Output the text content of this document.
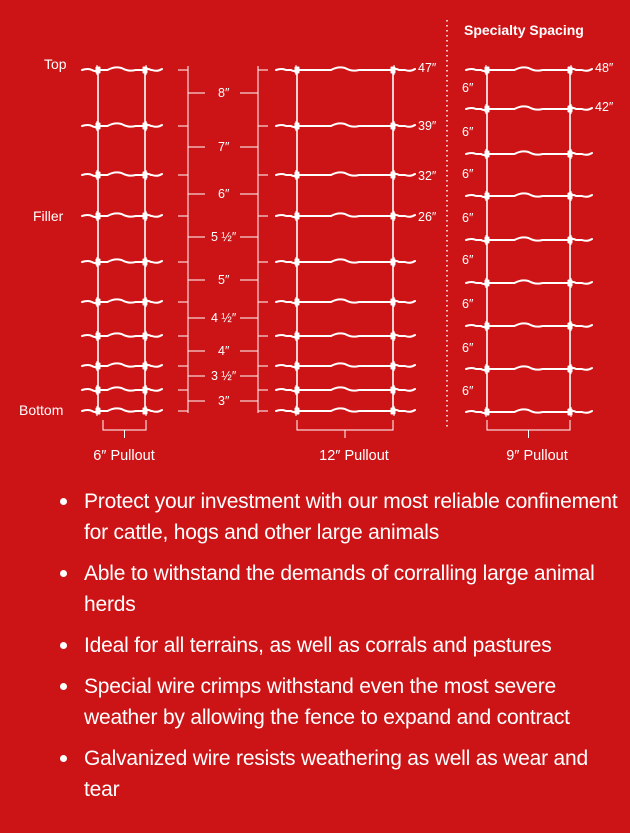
Specialty Spacing
Top
Filler
Bottom
8″
7″
6″
5 ½″
5″
4 ½″
4″
3 ½″
3″
47″
39″
32″
26″
48″
42″
6″
6″
6″
6″
6″
6″
6″
6″
6″ Pullout	12″ Pullout	9″ Pullout
Protect your investment with our most reliable confinement for cattle, hogs and other large animals
Able to withstand the demands of corralling large animal herds
Ideal for all terrains, as well as corrals and pastures
Special wire crimps withstand even the most severe weather by allowing the fence to expand and contract
Galvanized wire resists weathering as well as wear and tear
